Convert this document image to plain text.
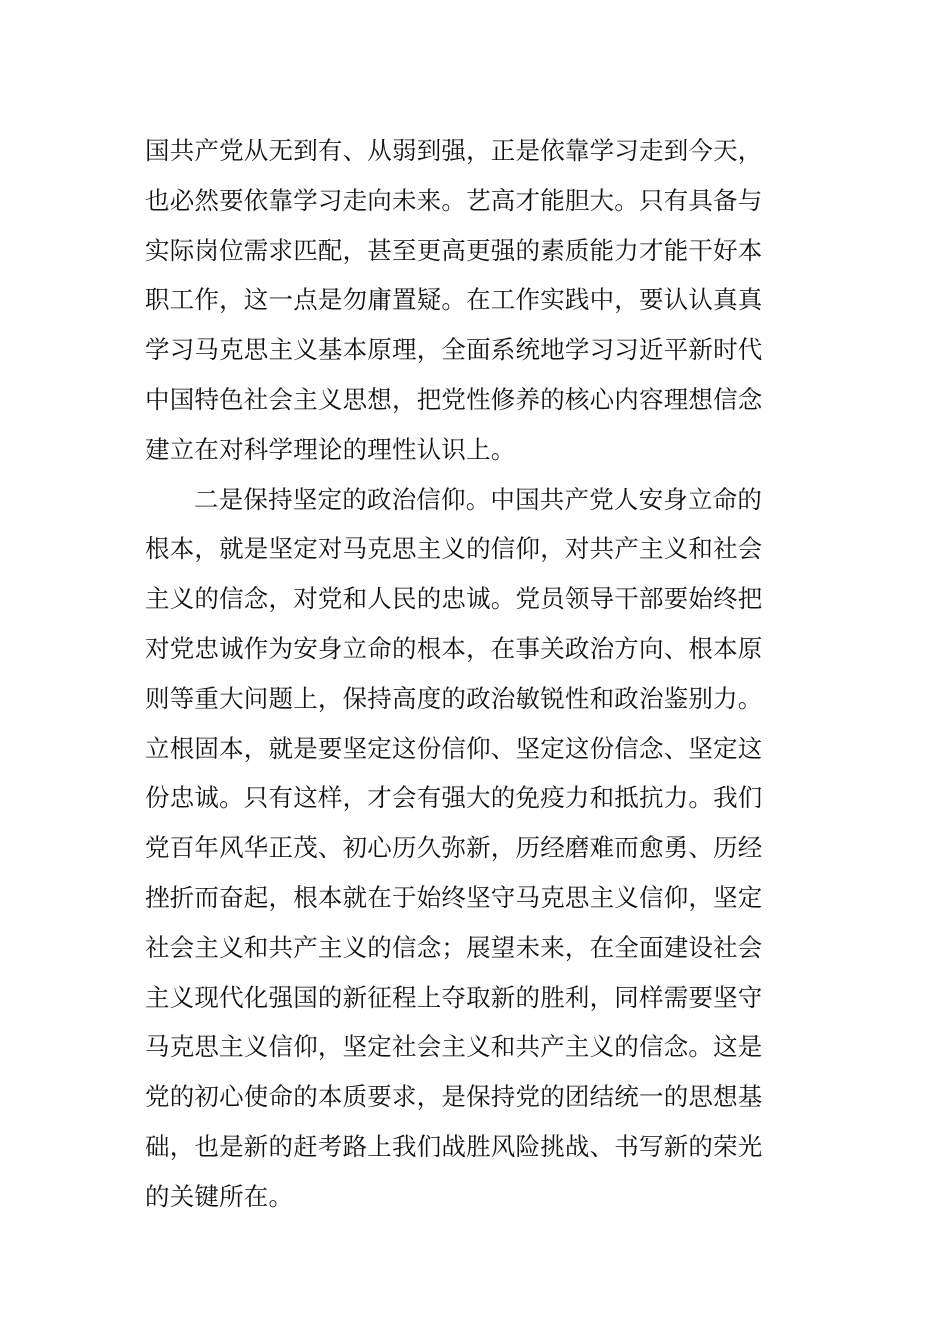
国共产党从无到有、从弱到强，正是依靠学习走到今天，
也必然要依靠学习走向未来。艺高才能胆大。只有具备与
实际岗位需求匹配，甚至更高更强的素质能力才能干好本
职工作，这一点是勿庸置疑。在工作实践中，要认认真真
学习马克思主义基本原理，全面系统地学习习近平新时代
中国特色社会主义思想，把党性修养的核心内容理想信念
建立在对科学理论的理性认识上。
二是保持坚定的政治信仰。中国共产党人安身立命的
根本，就是坚定对马克思主义的信仰，对共产主义和社会
主义的信念，对党和人民的忠诚。党员领导干部要始终把
对党忠诚作为安身立命的根本，在事关政治方向、根本原
则等重大问题上，保持高度的政治敏锐性和政治鉴别力。
立根固本，就是要坚定这份信仰、坚定这份信念、坚定这
份忠诚。只有这样，才会有强大的免疫力和抵抗力。我们
党百年风华正茂、初心历久弥新，历经磨难而愈勇、历经
挫折而奋起，根本就在于始终坚守马克思主义信仰，坚定
社会主义和共产主义的信念；展望未来，在全面建设社会
主义现代化强国的新征程上夺取新的胜利，同样需要坚守
马克思主义信仰，坚定社会主义和共产主义的信念。这是
党的初心使命的本质要求，是保持党的团结统一的思想基
础，也是新的赶考路上我们战胜风险挑战、书写新的荣光
的关键所在。
